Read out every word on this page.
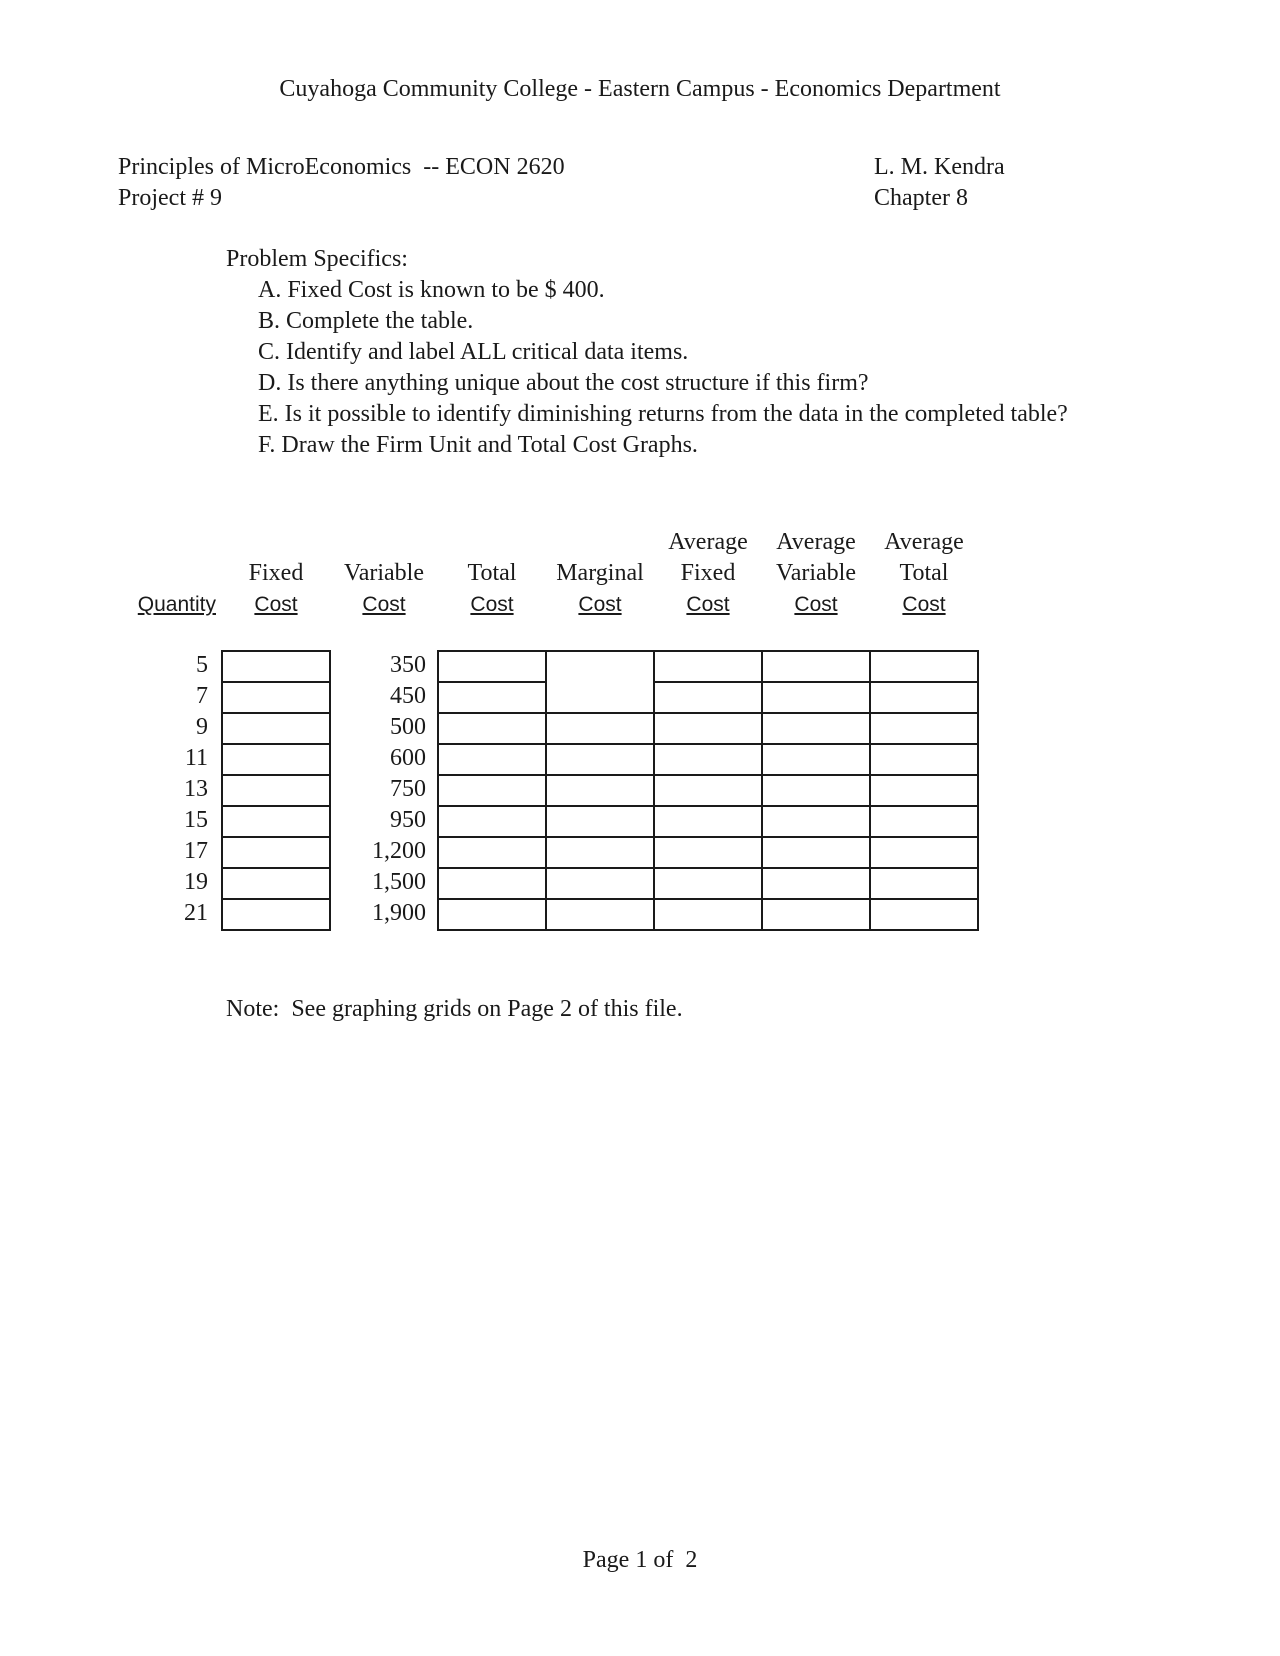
Cuyahoga Community College - Eastern Campus - Economics Department
Principles of MicroEconomics  -- ECON 2620
Project # 9
L. M. Kendra
Chapter 8
Problem Specifics:
A. Fixed Cost is known to be $ 400.
B. Complete the table.
C. Identify and label ALL critical data items.
D. Is there anything unique about the cost structure if this firm?
E. Is it possible to identify diminishing returns from the data in the completed table?
F. Draw the Firm Unit and Total Cost Graphs.
Quantity
Fixed
Cost
Variable
Cost
Total
Cost
Marginal
Cost
Average
Fixed
Cost
Average
Variable
Cost
Average
Total
Cost
5
7
9
11
13
15
17
19
21
350
450
500
600
750
950
1,200
1,500
1,900
Note:  See graphing grids on Page 2 of this file.
Page 1 of  2
